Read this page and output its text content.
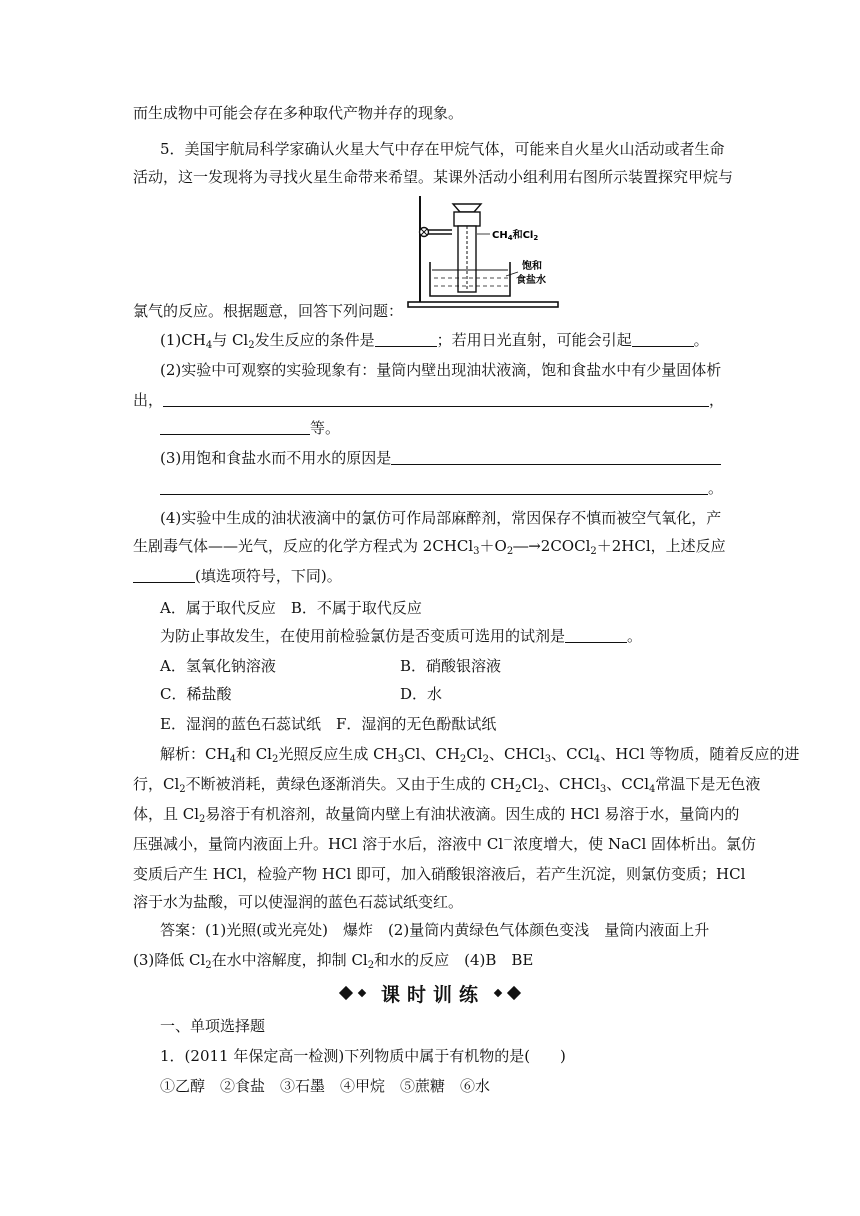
而生成物中可能会存在多种取代产物并存的现象。
5．美国宇航局科学家确认火星大气中存在甲烷气体，可能来自火星火山活动或者生命
活动，这一发现将为寻找火星生命带来希望。某课外活动小组利用右图所示装置探究甲烷与
$CH_4$和$Cl_2$
饱和
食盐水
氯气的反应。根据题意，回答下列问题：
$(1)CH_4$与 $Cl_2$发生反应的条件是	；若用日光直射，可能会引起	。
(2)实验中可观察的实验现象有：量筒内壁出现油状液滴，饱和食盐水中有少量固体析
出，	，
等。
(3)用饱和食盐水而不用水的原因是
。
(4)实验中生成的油状液滴中的氯仿可作局部麻醉剂，常因保存不慎而被空气氧化，产
生剧毒气体——光气，反应的化学方程式为 $2CHCl_3+O_2―\to 2COCl_2+2HCl$，上述反应
(填选项符号，下同)。
A．属于取代反应　B．不属于取代反应
为防止事故发生，在使用前检验氯仿是否变质可选用的试剂是	。
A．氢氧化钠溶液	B．硝酸银溶液
C．稀盐酸	D．水
E．湿润的蓝色石蕊试纸　F．湿润的无色酚酞试纸
解析：$CH_4$和 $Cl_2$光照反应生成 $CH_3Cl$、$CH_2Cl_2$、CHCl$_3$、CCl$_4$、HCl 等物质，随着反应的进
行，$Cl_2$不断被消耗，黄绿色逐渐消失。又由于生成的 $CH_2Cl_2$、CHCl$_3$、CCl$_4$常温下是无色液
体，且 $Cl_2$易溶于有机溶剂，故量筒内壁上有油状液滴。因生成的 HCl 易溶于水，量筒内的
压强减小，量筒内液面上升。HCl 溶于水后，溶液中 Cl－浓度增大，使 NaCl 固体析出。氯仿
变质后产生 HCl，检验产物 HCl 即可，加入硝酸银溶液后，若产生沉淀，则氯仿变质；HCl
溶于水为盐酸，可以使湿润的蓝色石蕊试纸变红。
答案：(1)光照(或光亮处)　爆炸　(2)量筒内黄绿色气体颜色变浅　量筒内液面上升
(3)降低 $Cl_2$在水中溶解度，抑制 $Cl_2$和水的反应　(4)B　BE
课时训练
一、单项选择题
1．(2011 年保定高一检测)下列物质中属于有机物的是(　　)
①乙醇　②食盐　③石墨　④甲烷　⑤蔗糖　⑥水
